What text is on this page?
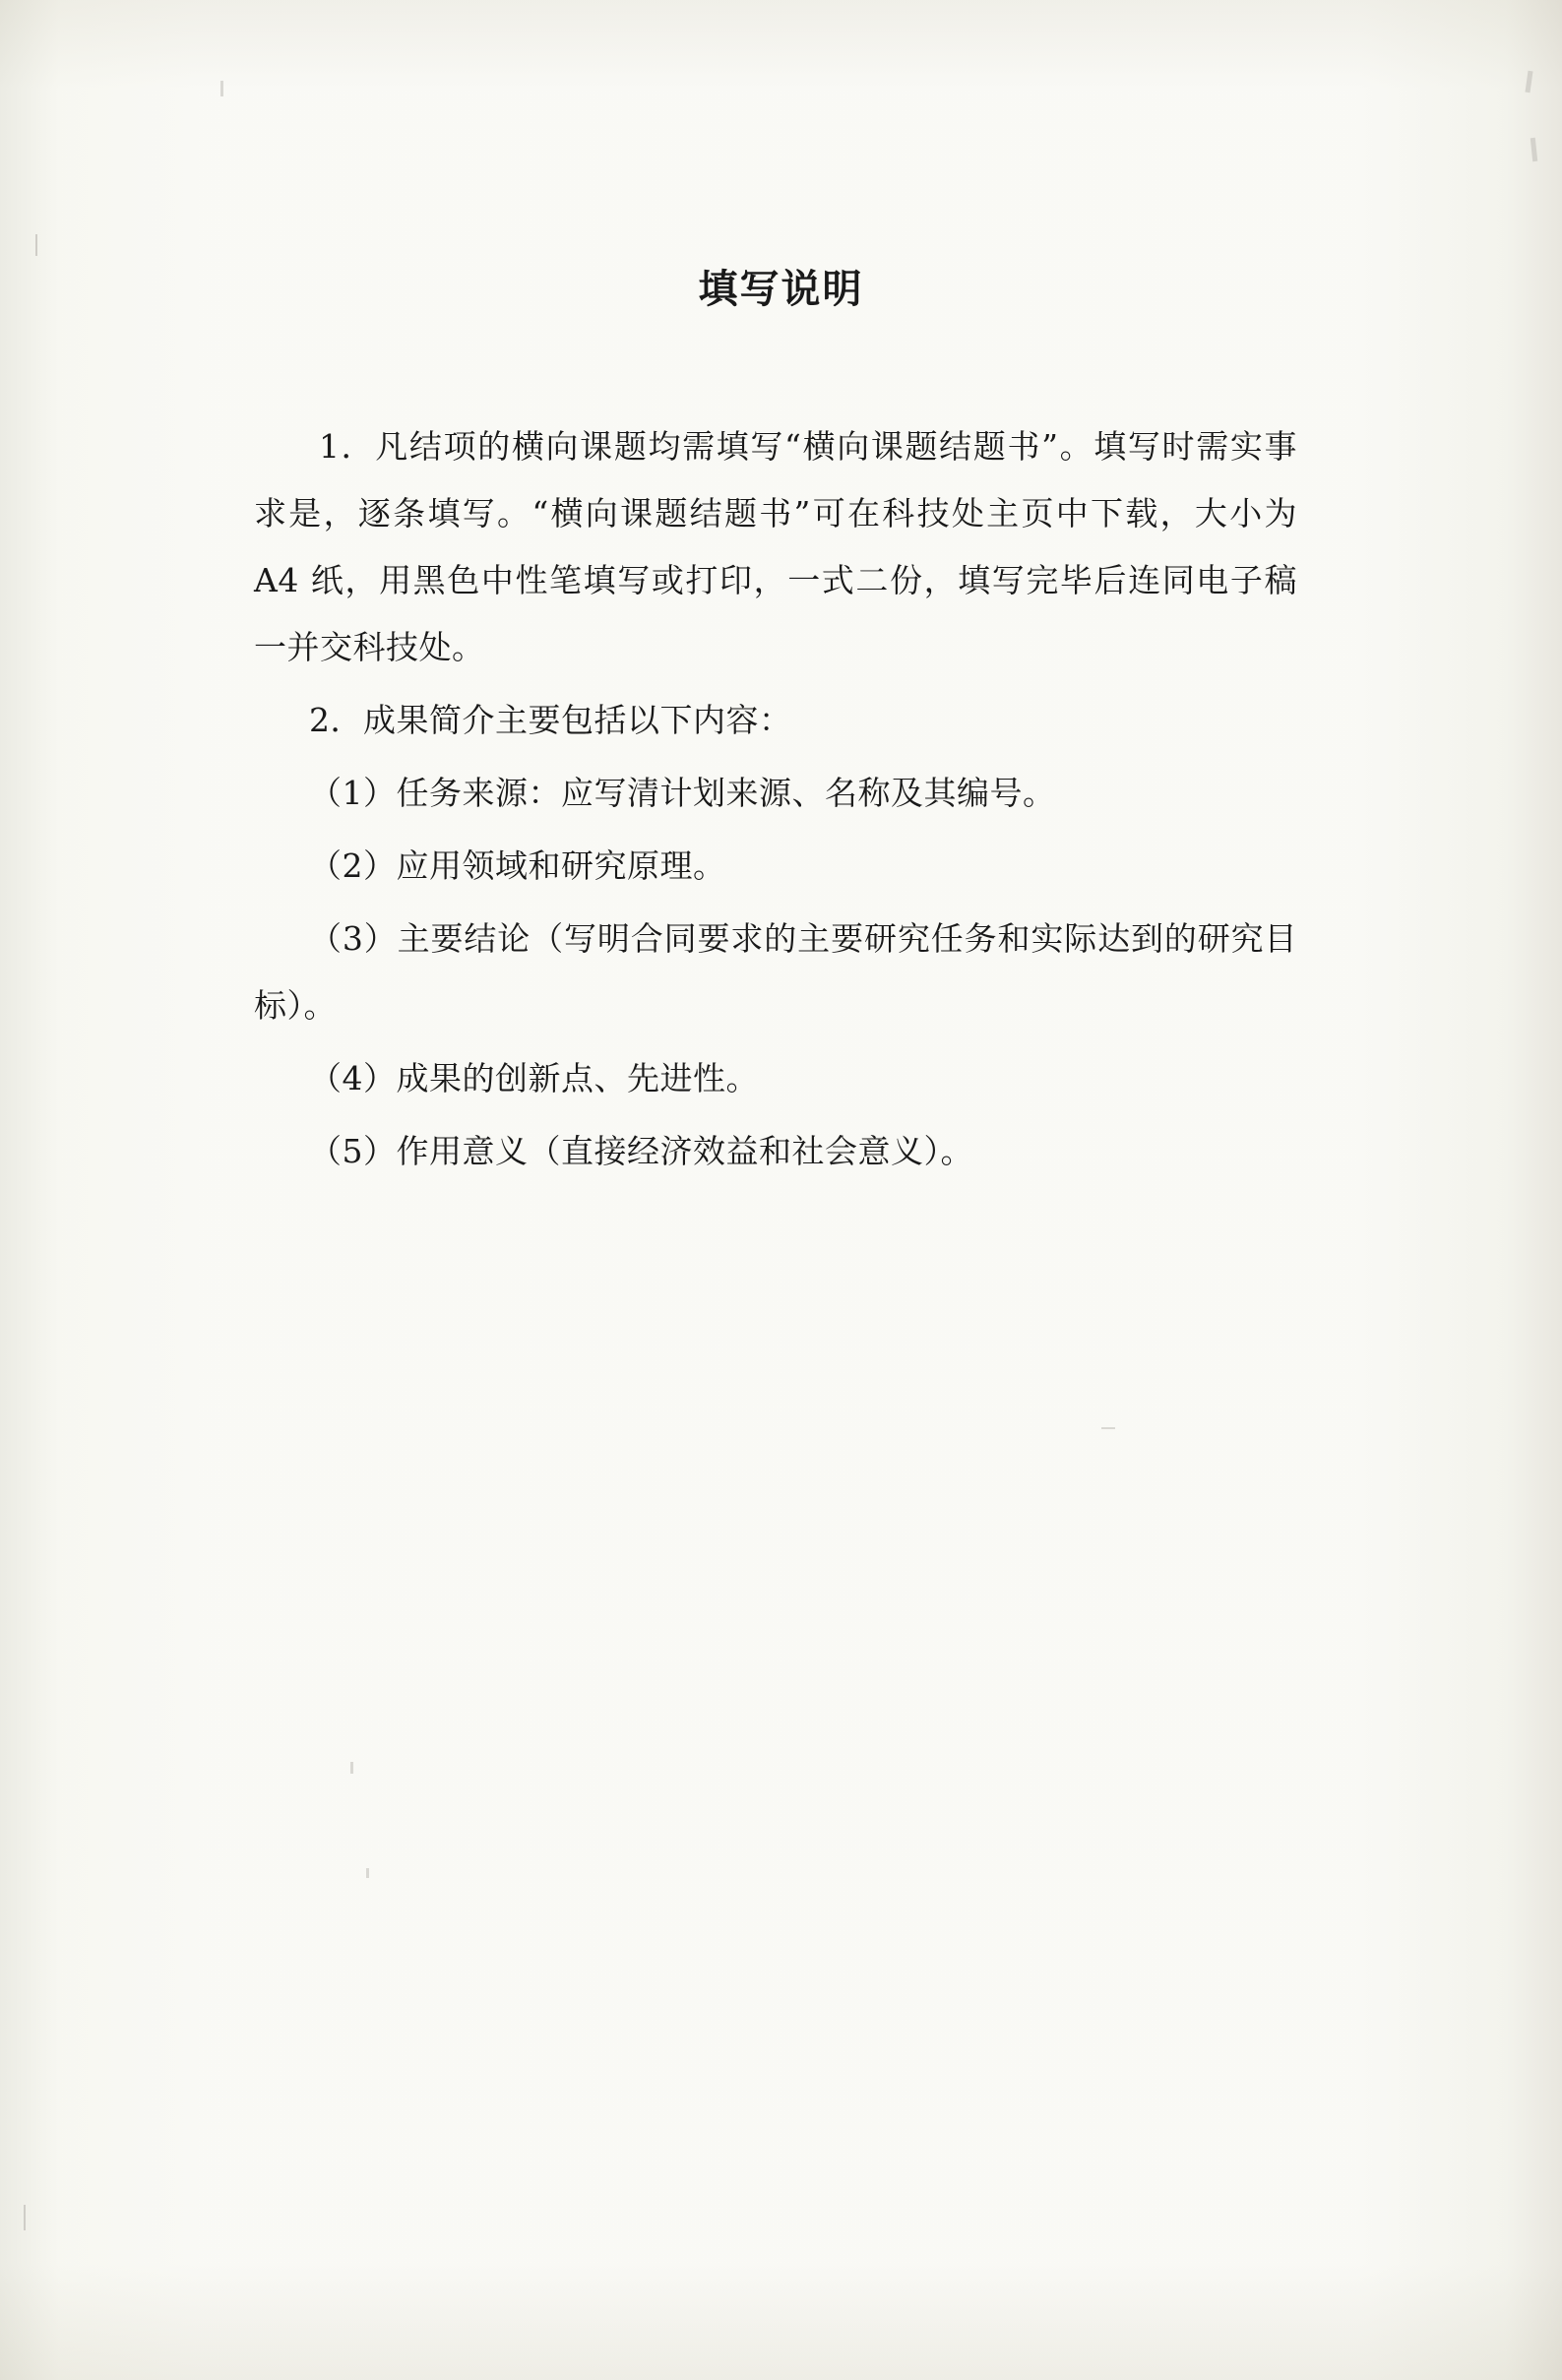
填写说明

1．凡结项的横向课题均需填写“横向课题结题书”。填写时需实事求是，逐条填写。“横向课题结题书”可在科技处主页中下载，大小为 A4 纸，用黑色中性笔填写或打印，一式二份，填写完毕后连同电子稿一并交科技处。

2．成果简介主要包括以下内容：

（1）任务来源：应写清计划来源、名称及其编号。

（2）应用领域和研究原理。

（3）主要结论（写明合同要求的主要研究任务和实际达到的研究目标）。

（4）成果的创新点、先进性。

（5）作用意义（直接经济效益和社会意义）。
